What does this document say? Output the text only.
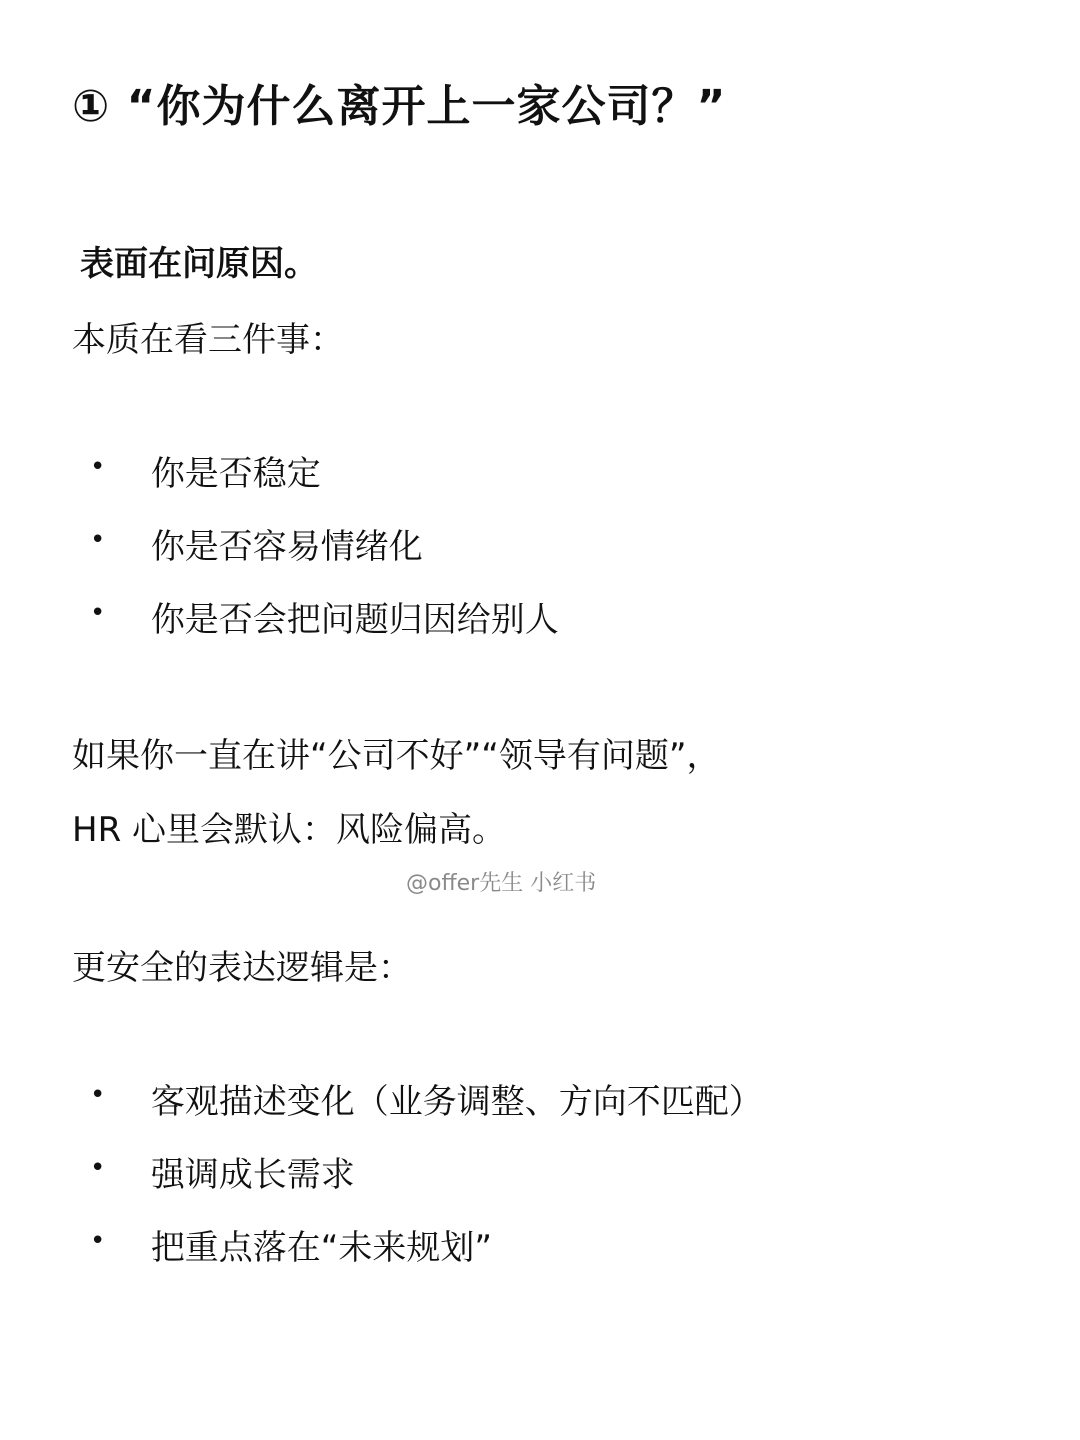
① “你为什么离开上一家公司？”
表面在问原因。
本质在看三件事：
• 你是否稳定
• 你是否容易情绪化
• 你是否会把问题归因给别人
如果你一直在讲“公司不好”“领导有问题”，
HR 心里会默认：风险偏高。
@offer先生 小红书
更安全的表达逻辑是：
• 客观描述变化（业务调整、方向不匹配）
• 强调成长需求
• 把重点落在“未来规划”
